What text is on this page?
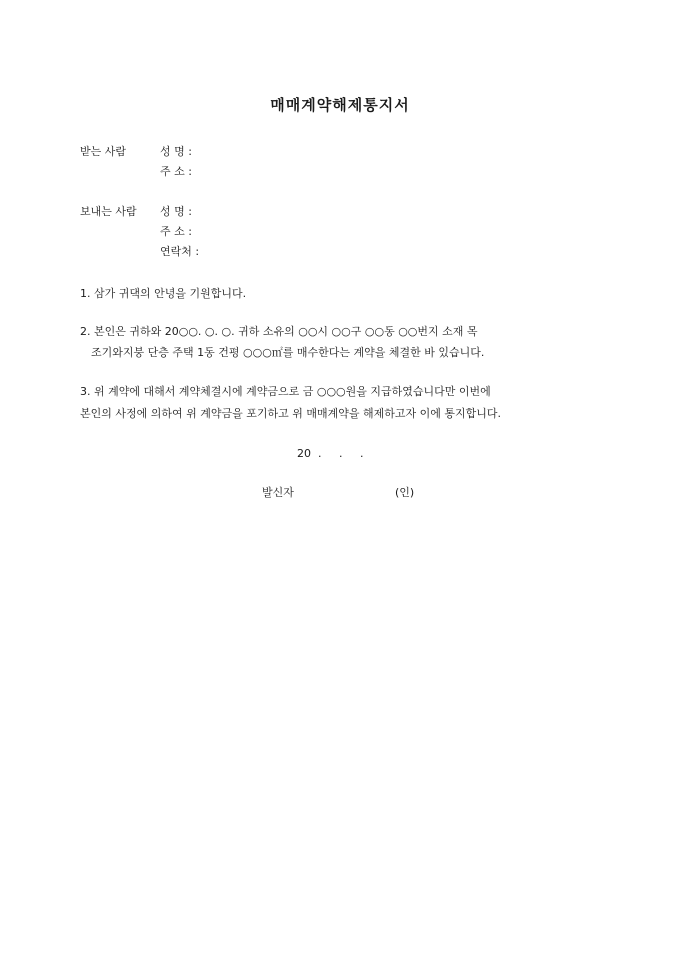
매매계약해제통지서
받는 사람	성 명 :
주 소 :
보내는 사람 성 명 :
주 소 :
연락처 :
1. 삼가 귀댁의 안녕을 기원합니다.
2. 본인은 귀하와 20○○. ○. ○. 귀하 소유의 ○○시 ○○구 ○○동 ○○번지 소재 목
조기와지붕 단층 주택 1동 건평 ○○○㎡를 매수한다는 계약을 체결한 바 있습니다.
3. 위 계약에 대해서 계약체결시에 계약금으로 금 ○○○원을 지급하였습니다만 이번에
본인의 사정에 의하여 위 계약금을 포기하고 위 매매계약을 해제하고자 이에 통지합니다.
20  .     .     .
발신자	(인)
